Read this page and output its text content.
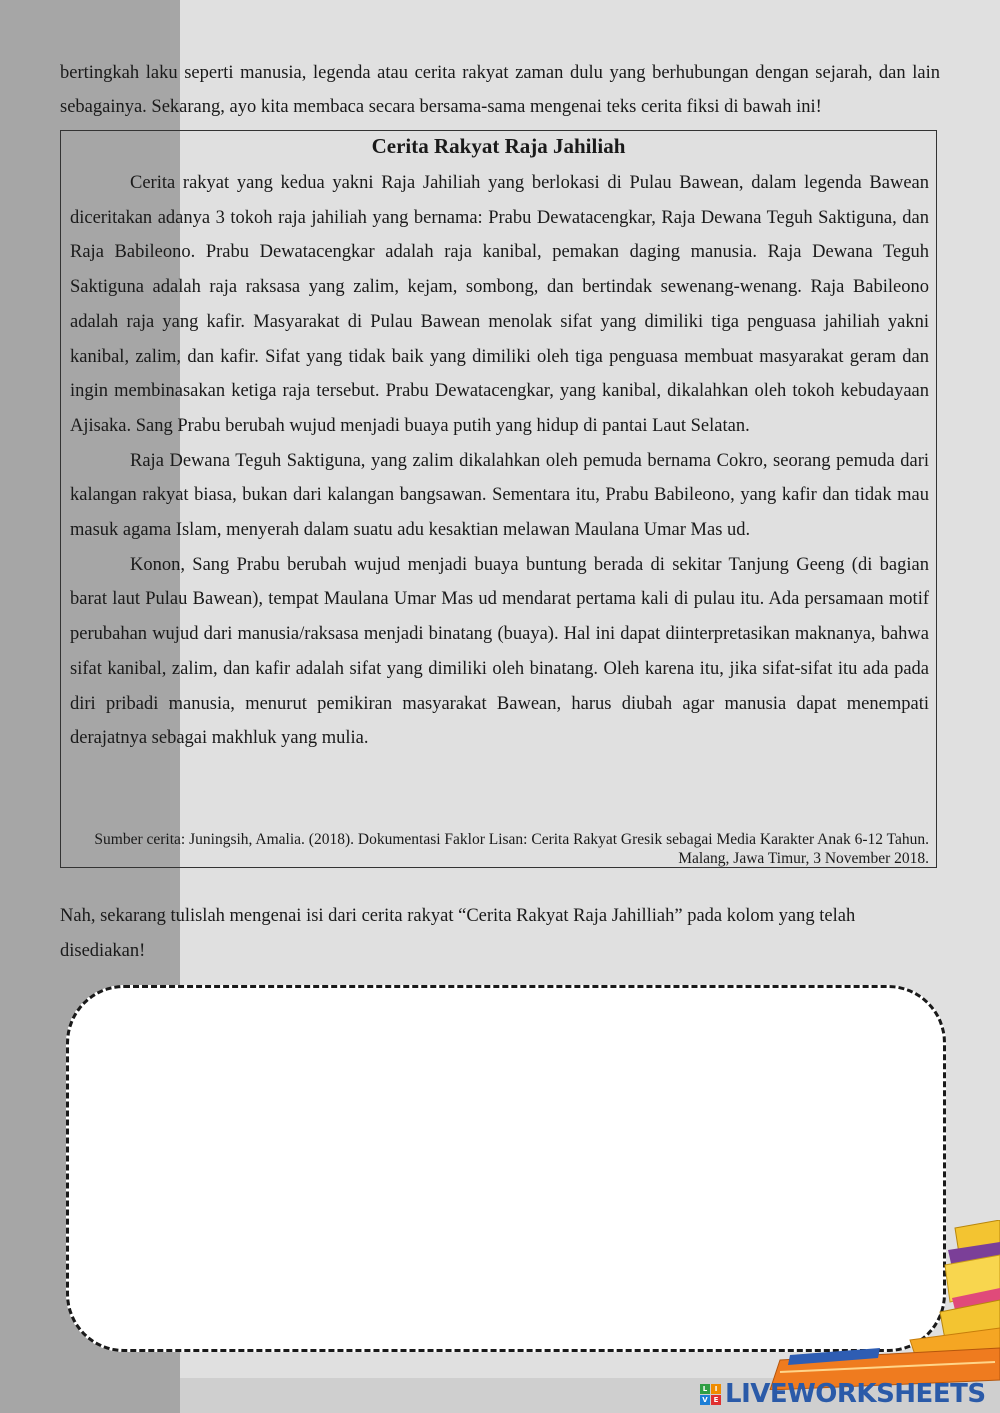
bertingkah laku seperti manusia, legenda atau cerita rakyat zaman dulu yang berhubungan dengan sejarah, dan lain sebagainya. Sekarang, ayo kita membaca secara bersama-sama mengenai teks cerita fiksi di bawah ini!

Cerita Rakyat Raja Jahiliah

Cerita rakyat yang kedua yakni Raja Jahiliah yang berlokasi di Pulau Bawean, dalam legenda Bawean diceritakan adanya 3 tokoh raja jahiliah yang bernama: Prabu Dewatacengkar, Raja Dewana Teguh Saktiguna, dan Raja Babileono. Prabu Dewatacengkar adalah raja kanibal, pemakan daging manusia. Raja Dewana Teguh Saktiguna adalah raja raksasa yang zalim, kejam, sombong, dan bertindak sewenang-wenang. Raja Babileono adalah raja yang kafir. Masyarakat di Pulau Bawean menolak sifat yang dimiliki tiga penguasa jahiliah yakni kanibal, zalim, dan kafir. Sifat yang tidak baik yang dimiliki oleh tiga penguasa membuat masyarakat geram dan ingin membinasakan ketiga raja tersebut. Prabu Dewatacengkar, yang kanibal, dikalahkan oleh tokoh kebudayaan Ajisaka. Sang Prabu berubah wujud menjadi buaya putih yang hidup di pantai Laut Selatan.

Raja Dewana Teguh Saktiguna, yang zalim dikalahkan oleh pemuda bernama Cokro, seorang pemuda dari kalangan rakyat biasa, bukan dari kalangan bangsawan. Sementara itu, Prabu Babileono, yang kafir dan tidak mau masuk agama Islam, menyerah dalam suatu adu kesaktian melawan Maulana Umar Mas ud.

Konon, Sang Prabu berubah wujud menjadi buaya buntung berada di sekitar Tanjung Geeng (di bagian barat laut Pulau Bawean), tempat Maulana Umar Mas ud mendarat pertama kali di pulau itu. Ada persamaan motif perubahan wujud dari manusia/raksasa menjadi binatang (buaya). Hal ini dapat diinterpretasikan maknanya, bahwa sifat kanibal, zalim, dan kafir adalah sifat yang dimiliki oleh binatang. Oleh karena itu, jika sifat-sifat itu ada pada diri pribadi manusia, menurut pemikiran masyarakat Bawean, harus diubah agar manusia dapat menempati derajatnya sebagai makhluk yang mulia.

Sumber cerita: Juningsih, Amalia. (2018). Dokumentasi Faklor Lisan: Cerita Rakyat Gresik sebagai Media Karakter Anak 6-12 Tahun. Malang, Jawa Timur, 3 November 2018.

Nah, sekarang tulislah mengenai isi dari cerita rakyat “Cerita Rakyat Raja Jahilliah” pada kolom yang telah disediakan!

L	I
V E LIVEWORKSHEETS
